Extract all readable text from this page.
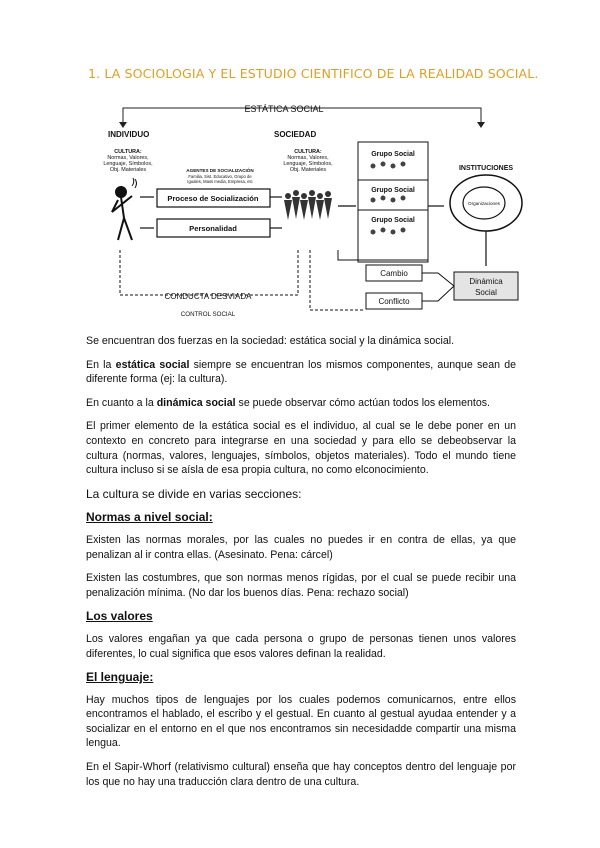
1. LA SOCIOLOGIA Y EL ESTUDIO CIENTIFICO DE LA REALIDAD SOCIAL.
ESTÁTICA SOCIAL
INDIVIDUO	SOCIEDAD
CULTURA:
Normas, Valores,
Lenguaje, Símbolos,
Obj. Materiales
CULTURA:
Normas, Valores,
Lenguaje, Símbolos,
Obj. Materiales
AGENTES DE SOCIALIZACIÓN
Familia, Sist. Educativo, Grupo de
Iguales, Mass media, Empresa, etc
Proceso de Socialización
Personalidad
Grupo Social
Grupo Social
Grupo Social
INSTITUCIONES
Organizaciones
Cambio
Conflicto
Dinámica
Social
CONDUCTA DESVIADA
CONTROL SOCIAL

Se encuentran dos fuerzas en la sociedad: estática social y la dinámica social.

En la estática social siempre se encuentran los mismos componentes, aunque sean de diferente forma (ej: la cultura).

En cuanto a la dinámica social se puede observar cómo actúan todos los elementos.

El primer elemento de la estática social es el individuo, al cual se le debe poner en un contexto en concreto para integrarse en una sociedad y para ello se debeobservar la cultura (normas, valores, lenguajes, símbolos, objetos materiales). Todo el mundo tiene cultura incluso si se aísla de esa propia cultura, no como elconocimiento.

La cultura se divide en varias secciones:

Normas a nivel social:

Existen las normas morales, por las cuales no puedes ir en contra de ellas, ya que penalizan al ir contra ellas. (Asesinato. Pena: cárcel)

Existen las costumbres, que son normas menos rígidas, por el cual se puede recibir una penalización mínima. (No dar los buenos días. Pena: rechazo social)

Los valores

Los valores engañan ya que cada persona o grupo de personas tienen unos valores diferentes, lo cual significa que esos valores definan la realidad.

El lenguaje:

Hay muchos tipos de lenguajes por los cuales podemos comunicarnos, entre ellos encontramos el hablado, el escribo y el gestual. En cuanto al gestual ayudaa entender y a socializar en el entorno en el que nos encontramos sin necesidadde compartir una misma lengua.

En el Sapir-Whorf (relativismo cultural) enseña que hay conceptos dentro del lenguaje por los que no hay una traducción clara dentro de una cultura.
